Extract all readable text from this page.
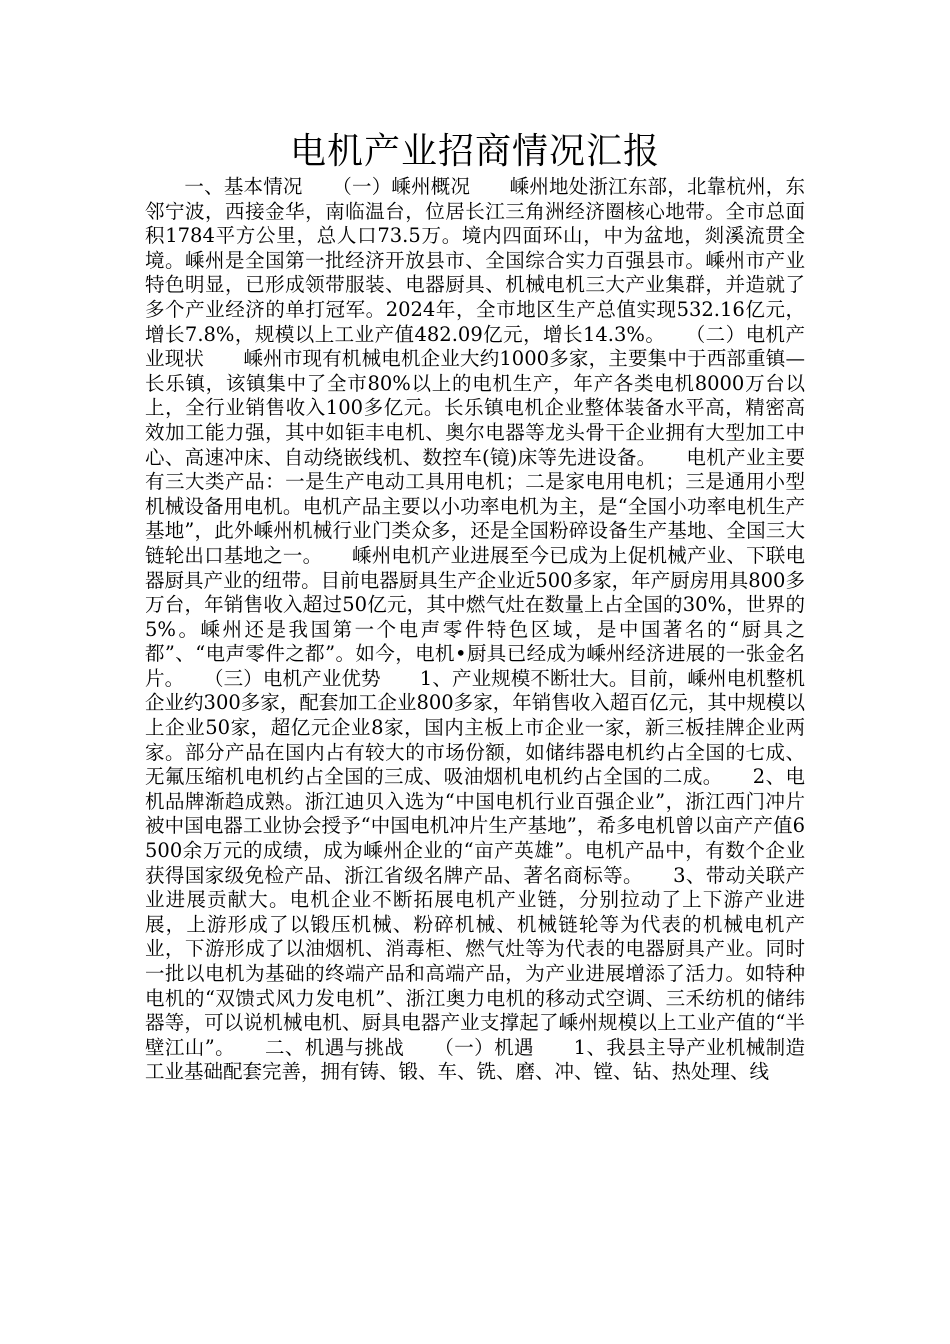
电机产业招商情况汇报

　　一、基本情况　　（一）嵊州概况　　嵊州地处浙江东部，北靠杭州，东邻宁波，西接金华，南临温台，位居长江三角洲经济圈核心地带。全市总面积1784平方公里，总人口73.5万。境内四面环山，中为盆地，剡溪流贯全境。嵊州是全国第一批经济开放县市、全国综合实力百强县市。嵊州市产业特色明显，已形成领带服装、电器厨具、机械电机三大产业集群，并造就了多个产业经济的单打冠军。2024年，全市地区生产总值实现532.16亿元，增长7.8%，规模以上工业产值482.09亿元，增长14.3%。　　（二）电机产业现状　　嵊州市现有机械电机企业大约1000多家，主要集中于西部重镇—长乐镇，该镇集中了全市80%以上的电机生产，年产各类电机8000万台以上，全行业销售收入100多亿元。长乐镇电机企业整体装备水平高，精密高效加工能力强，其中如钜丰电机、奥尔电器等龙头骨干企业拥有大型加工中心、高速冲床、自动绕嵌线机、数控车(镜)床等先进设备。　　电机产业主要有三大类产品：一是生产电动工具用电机；二是家电用电机；三是通用小型机械设备用电机。电机产品主要以小功率电机为主，是“全国小功率电机生产基地”，此外嵊州机械行业门类众多，还是全国粉碎设备生产基地、全国三大链轮出口基地之一。　　嵊州电机产业进展至今已成为上促机械产业、下联电器厨具产业的纽带。目前电器厨具生产企业近500多家，年产厨房用具800多万台，年销售收入超过50亿元，其中燃气灶在数量上占全国的30%，世界的5%。嵊州还是我国第一个电声零件特色区域，是中国著名的“厨具之都”、“电声零件之都”。如今，电机•厨具已经成为嵊州经济进展的一张金名片。　　（三）电机产业优势　　1、产业规模不断壮大。目前，嵊州电机整机企业约300多家，配套加工企业800多家，年销售收入超百亿元，其中规模以上企业50家，超亿元企业8家，国内主板上市企业一家，新三板挂牌企业两家。部分产品在国内占有较大的市场份额，如储纬器电机约占全国的七成、无氟压缩机电机约占全国的三成、吸油烟机电机约占全国的二成。　　2、电机品牌渐趋成熟。浙江迪贝入选为“中国电机行业百强企业”，浙江西门冲片被中国电器工业协会授予“中国电机冲片生产基地”，希多电机曾以亩产产值6500余万元的成绩，成为嵊州企业的“亩产英雄”。电机产品中，有数个企业获得国家级免检产品、浙江省级名牌产品、著名商标等。　　3、带动关联产业进展贡献大。电机企业不断拓展电机产业链，分别拉动了上下游产业进展，上游形成了以锻压机械、粉碎机械、机械链轮等为代表的机械电机产业，下游形成了以油烟机、消毒柜、燃气灶等为代表的电器厨具产业。同时一批以电机为基础的终端产品和高端产品，为产业进展增添了活力。如特种电机的“双馈式风力发电机”、浙江奥力电机的移动式空调、三禾纺机的储纬器等，可以说机械电机、厨具电器产业支撑起了嵊州规模以上工业产值的“半壁江山”。　　二、机遇与挑战　　（一）机遇　　1、我县主导产业机械制造工业基础配套完善，拥有铸、锻、车、铣、磨、冲、镗、钻、热处理、线
